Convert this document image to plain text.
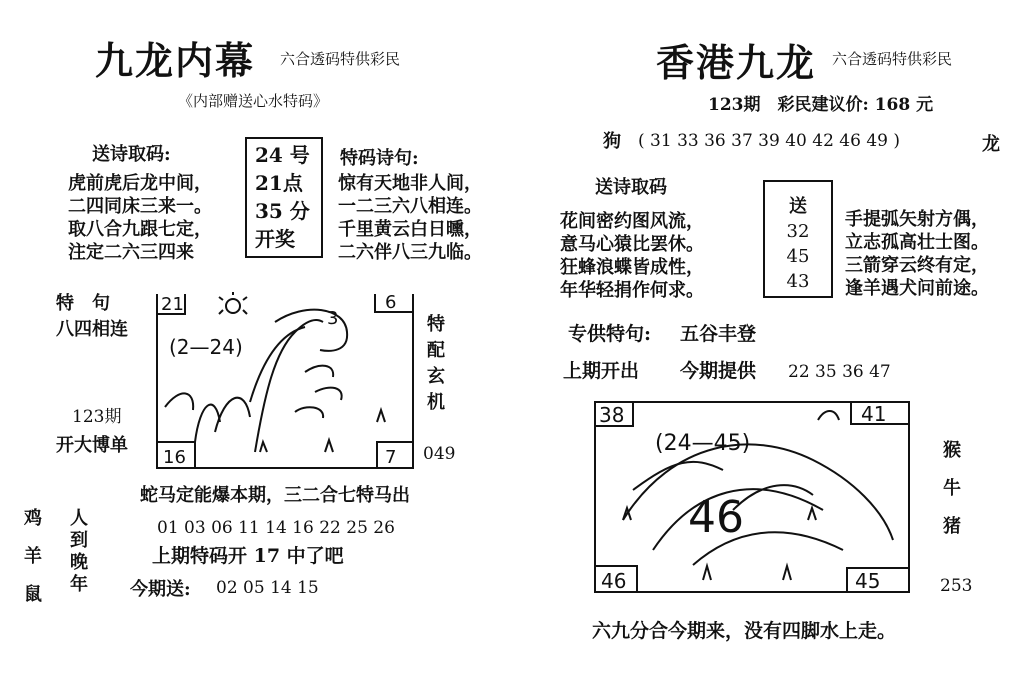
九龙内幕 六合透码特供彩民
《内部赠送心水特码》
送诗取码:
虎前虎后龙中间，
二四同床三来一。
取八合九跟七定，
注定二六三四来
24 号
21点
35 分
开奖
特码诗句:
惊有天地非人间，
一二三六八相连。
千里黄云白日曛，
二六伴八三九临。
特　句
八四相连
123期
开大博单
21	6
16	7
(2—24)
3	特配玄机
049
蛇马定能爆本期，三二合七特马出
鸡
羊
鼠
人到晚年
01 03 06 11 14 16 22 25 26
上期特码开 17 中了吧
今期送: 02 05 14 15
香港九龙 六合透码特供彩民
123期　彩民建议价: 168 元
狗 ( 31 33 36 37 39 40 42 46 49 )	龙
送诗取码
花间密约图风流，
意马心猿比罢休。
狂蜂浪蝶皆成性，
年华轻捐作何求。
送
32
45
43
手提弧矢射方偶，
立志孤高壮士图。
三箭穿云终有定，
逢羊遇犬问前途。
专供特句: 五谷丰登
上期开出 今期提供 22 35 36 47
38	41
46	45
(24—45)
46
猴
牛
猪
253
六九分合今期来，没有四脚水上走。
